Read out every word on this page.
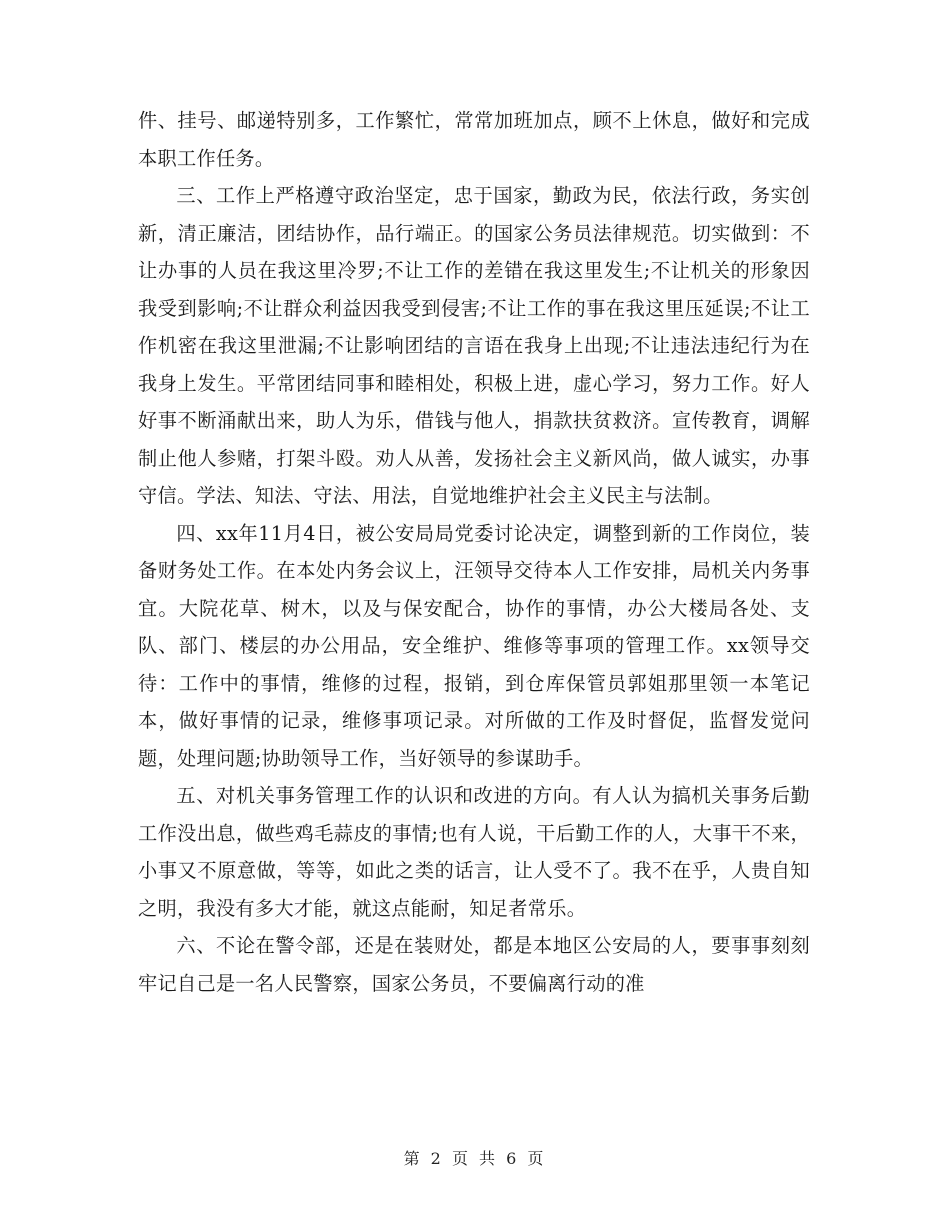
件、挂号、邮递特别多，工作繁忙，常常加班加点，顾不上休息，做好和完成本职工作任务。

三、工作上严格遵守政治坚定，忠于国家，勤政为民，依法行政，务实创新，清正廉洁，团结协作，品行端正。的国家公务员法律规范。切实做到：不让办事的人员在我这里冷罗;不让工作的差错在我这里发生;不让机关的形象因我受到影响;不让群众利益因我受到侵害;不让工作的事在我这里压延误;不让工作机密在我这里泄漏;不让影响团结的言语在我身上出现;不让违法违纪行为在我身上发生。平常团结同事和睦相处，积极上进，虚心学习，努力工作。好人好事不断涌献出来，助人为乐，借钱与他人，捐款扶贫救济。宣传教育，调解制止他人参赌，打架斗殴。劝人从善，发扬社会主义新风尚，做人诚实，办事守信。学法、知法、守法、用法，自觉地维护社会主义民主与法制。

四、xx年11月4日，被公安局局党委讨论决定，调整到新的工作岗位，装备财务处工作。在本处内务会议上，汪领导交待本人工作安排，局机关内务事宜。大院花草、树木，以及与保安配合，协作的事情，办公大楼局各处、支队、部门、楼层的办公用品，安全维护、维修等事项的管理工作。xx领导交待：工作中的事情，维修的过程，报销，到仓库保管员郭姐那里领一本笔记本，做好事情的记录，维修事项记录。对所做的工作及时督促，监督发觉问题，处理问题;协助领导工作，当好领导的参谋助手。

五、对机关事务管理工作的认识和改进的方向。有人认为搞机关事务后勤工作没出息，做些鸡毛蒜皮的事情;也有人说，干后勤工作的人，大事干不来，小事又不原意做，等等，如此之类的话言，让人受不了。我不在乎，人贵自知之明，我没有多大才能，就这点能耐，知足者常乐。

六、不论在警令部，还是在装财处，都是本地区公安局的人，要事事刻刻牢记自己是一名人民警察，国家公务员，不要偏离行动的准

第 2 页 共 6 页
